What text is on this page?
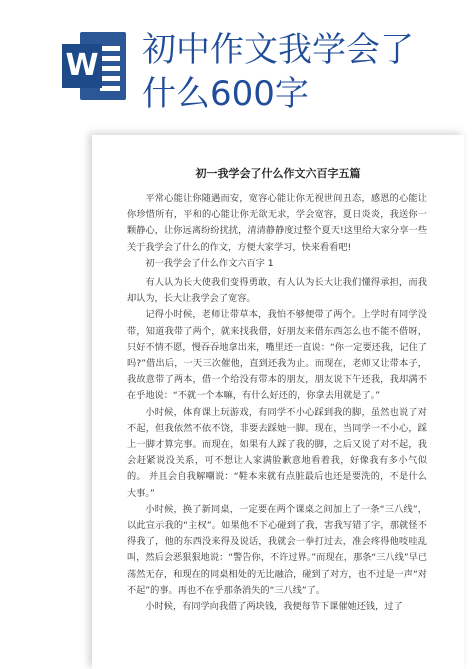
W 初中作文我学会了
什么600字
初一我学会了什么作文六百字五篇

平常心能让你随遇而安，宽容心能让你无视世间丑态，感恩的心能让你珍惜所有，平和的心能让你无欲无求，学会宽容，夏日炎炎，我送你一颗静心，让你远离纷纷扰扰，清清静静度过整个夏天!这里给大家分享一些关于我学会了什么的作文，方便大家学习，快来看看吧!

初一我学会了什么作文六百字 1

有人认为长大使我们变得勇敢，有人认为长大让我们懂得承担，而我却认为，长大让我学会了宽容。

记得小时候，老师让带草本，我怕不够便带了两个。上学时有同学没带，知道我带了两个，就来找我借，好朋友来借东西怎么也不能不借呀，只好不情不愿，慢吞吞地拿出来，嘴里还一直说：“你一定要还我，记住了吗?”借出后，一天三次催他，直到还我为止。而现在，老师又让带本子，我故意带了两本，借一个给没有带本的朋友，朋友说下午还我，我却满不在乎地说：“不就一个本嘛，有什么好还的，你拿去用就是了。”

小时候，体育课上玩游戏，有同学不小心踩到我的脚，虽然也说了对不起，但我依然不依不饶，非要去踩她一脚。现在，当同学一不小心，踩上一脚才算完事。而现在，如果有人踩了我的脚，之后又说了对不起，我会赶紧说没关系，可不想让人家满脸歉意地看着我，好像我有多小气似的。 并且会自我解嘲说：“鞋本来就有点脏最后也还是要洗的，不是什么大事。”

小时候，换了新同桌，一定要在两个课桌之间加上了一条“三八线”，以此宣示我的“主权”。如果他不下心碰到了我，害我写错了字，那就怪不得我了，他的东西没来得及说话，我就会一拳打过去，准会疼得他吱哇乱叫，然后会恶狠狠地说：“警告你，不许过界。”而现在，那条“三八线”早已荡然无存，和现在的同桌相处的无比融洽，碰到了对方，也不过是一声“对不起”的事。再也不在乎那条消失的“三八线”了。

小时候，有同学向我借了两块钱，我便每节下课催她还钱，过了
